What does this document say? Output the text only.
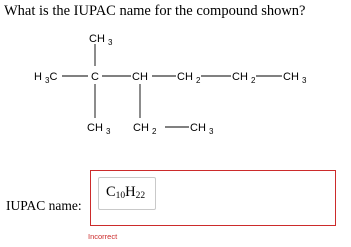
What is the IUPAC name for the compound shown?
CH $_3$
H $_3$C	C	CH	CH $_2$	CH $_2$	CH $_3$
CH $_3$ CH $_2$	CH $_3$
IUPAC name:
$C_{10}H_{22}$
Incorrect
